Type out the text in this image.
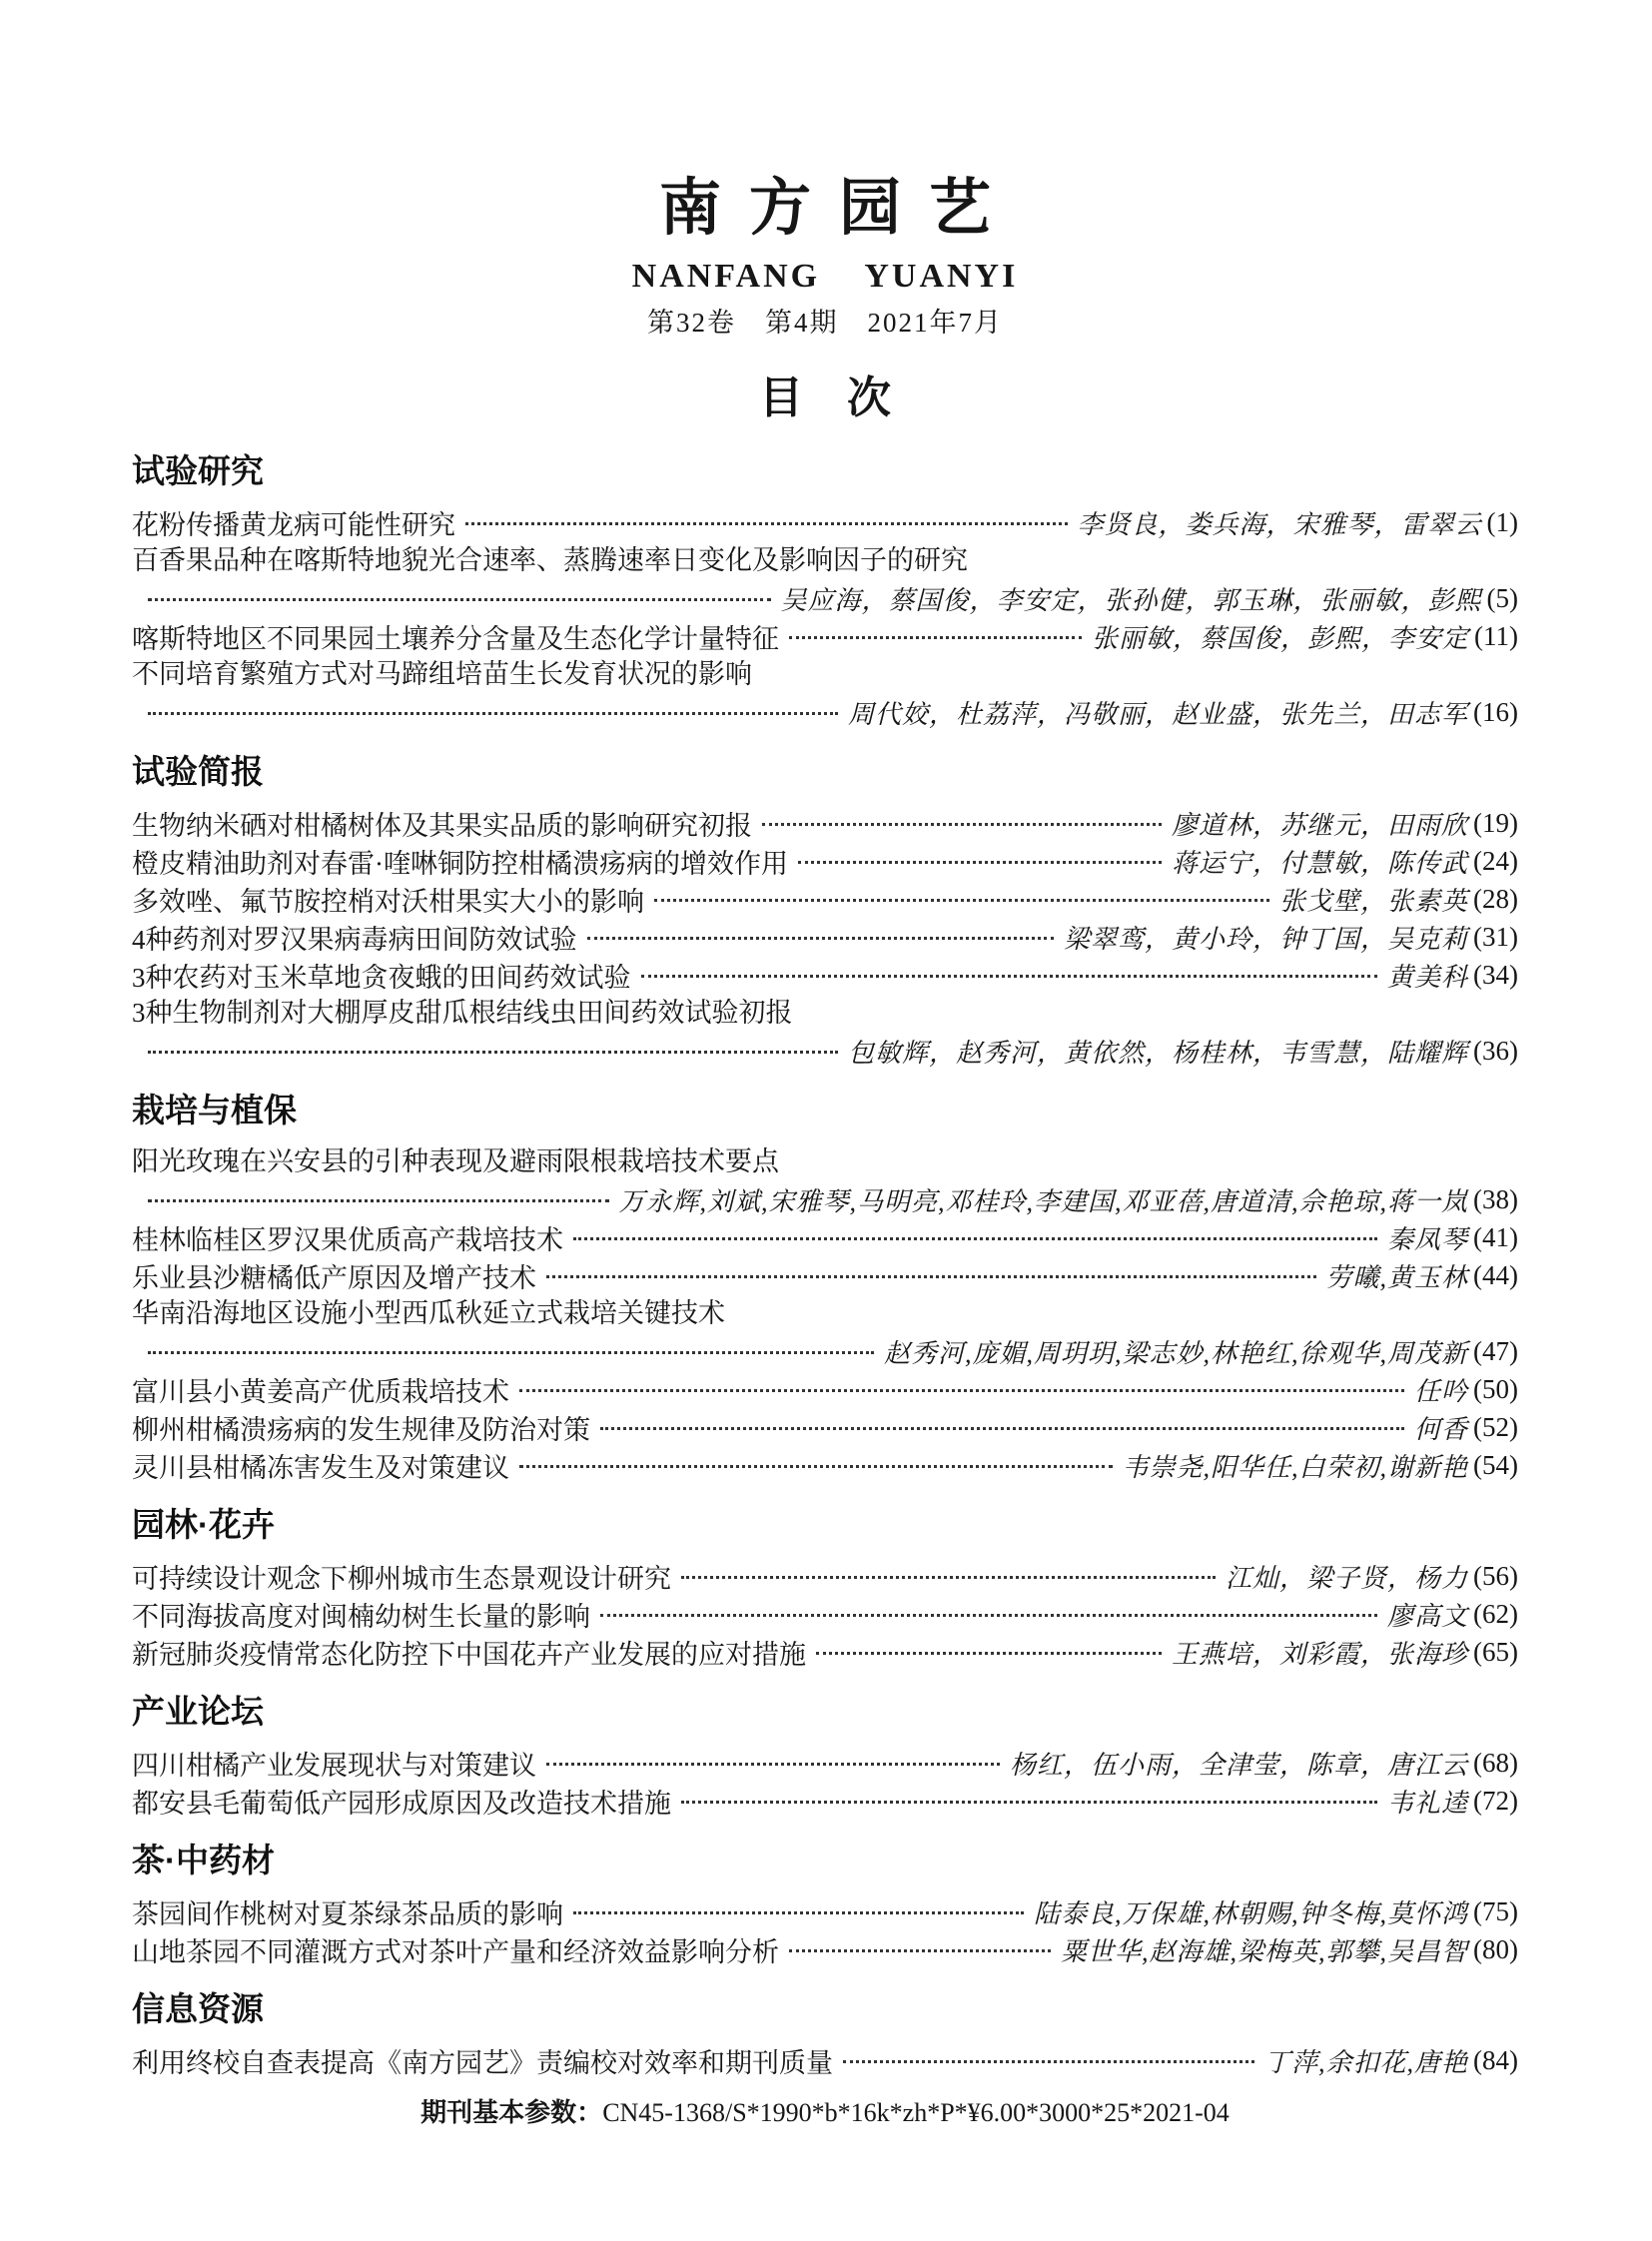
南方园艺
NANFANG YUANYI
第32卷　第4期　2021年7月
目　次
试验研究
花粉传播黄龙病可能性研究	李贤良，娄兵海，宋雅琴，雷翠云 (1)
百香果品种在喀斯特地貌光合速率、蒸腾速率日变化及影响因子的研究
吴应海，蔡国俊，李安定，张孙健，郭玉琳，张丽敏，彭熙 (5)
喀斯特地区不同果园土壤养分含量及生态化学计量特征	张丽敏，蔡国俊，彭熙，李安定 (11)
不同培育繁殖方式对马蹄组培苗生长发育状况的影响
周代姣，杜荔萍，冯敬丽，赵业盛，张先兰，田志军 (16)
试验简报
生物纳米硒对柑橘树体及其果实品质的影响研究初报	廖道林，苏继元，田雨欣 (19)
橙皮精油助剂对春雷·喹啉铜防控柑橘溃疡病的增效作用	蒋运宁，付慧敏，陈传武 (24)
多效唑、氟节胺控梢对沃柑果实大小的影响	张戈壁，张素英 (28)
4种药剂对罗汉果病毒病田间防效试验	梁翠鸾，黄小玲，钟丁国，吴克莉 (31)
3种农药对玉米草地贪夜蛾的田间药效试验	黄美科 (34)
3种生物制剂对大棚厚皮甜瓜根结线虫田间药效试验初报
包敏辉，赵秀河，黄依然，杨桂林，韦雪慧，陆耀辉 (36)
栽培与植保
阳光玫瑰在兴安县的引种表现及避雨限根栽培技术要点
万永辉,刘斌,宋雅琴,马明亮,邓桂玲,李建国,邓亚蓓,唐道清,佘艳琼,蒋一岚 (38)
桂林临桂区罗汉果优质高产栽培技术	秦凤琴 (41)
乐业县沙糖橘低产原因及增产技术	劳曦,黄玉林 (44)
华南沿海地区设施小型西瓜秋延立式栽培关键技术
赵秀河,庞媚,周玥玥,梁志妙,林艳红,徐观华,周茂新 (47)
富川县小黄姜高产优质栽培技术	任吟 (50)
柳州柑橘溃疡病的发生规律及防治对策	何香 (52)
灵川县柑橘冻害发生及对策建议	韦崇尧,阳华任,白荣初,谢新艳 (54)
园林·花卉
可持续设计观念下柳州城市生态景观设计研究	江灿，梁子贤，杨力 (56)
不同海拔高度对闽楠幼树生长量的影响	廖高文 (62)
新冠肺炎疫情常态化防控下中国花卉产业发展的应对措施	王燕培，刘彩霞，张海珍 (65)
产业论坛
四川柑橘产业发展现状与对策建议	杨红，伍小雨，全津莹，陈章，唐江云 (68)
都安县毛葡萄低产园形成原因及改造技术措施	韦礼逵 (72)
茶·中药材
茶园间作桃树对夏茶绿茶品质的影响	陆泰良,万保雄,林朝赐,钟冬梅,莫怀鸿 (75)
山地茶园不同灌溉方式对茶叶产量和经济效益影响分析	粟世华,赵海雄,梁梅英,郭攀,吴昌智 (80)
信息资源
利用终校自查表提高《南方园艺》责编校对效率和期刊质量	丁萍,余扣花,唐艳 (84)
期刊基本参数：CN45-1368/S*1990*b*16k*zh*P*¥6.00*3000*25*2021-04
